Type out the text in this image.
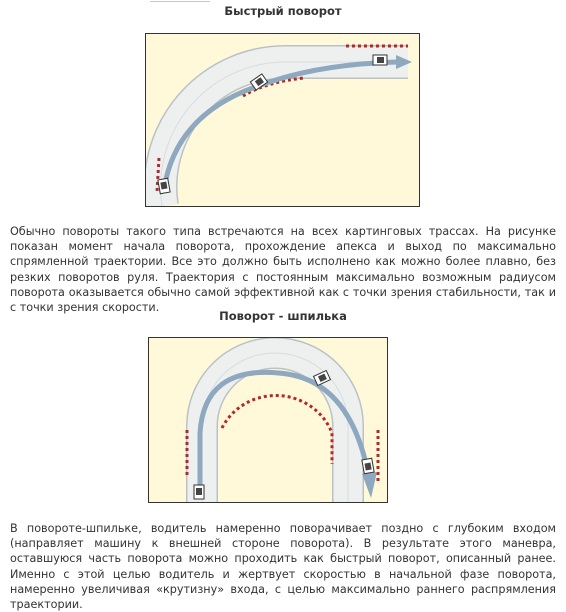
Быстрый поворот

Обычно повороты такого типа встречаются на всех картинговых трассах. На рисунке показан момент начала поворота, прохождение апекса и выход по максимально спрямленной траектории. Все это должно быть исполнено как можно более плавно, без резких поворотов руля. Траектория с постоянным максимально возможным радиусом поворота оказывается обычно самой эффективной как с точки зрения стабильности, так и с точки зрения скорости.

Поворот - шпилька

В повороте-шпильке, водитель намеренно поворачивает поздно с глубоким входом (направляет машину к внешней стороне поворота). В результате этого маневра, оставшуюся часть поворота можно проходить как быстрый поворот, описанный ранее. Именно с этой целью водитель и жертвует скоростью в начальной фазе поворота, намеренно увеличивая «крутизну» входа, с целью максимально раннего распрямления траектории.
